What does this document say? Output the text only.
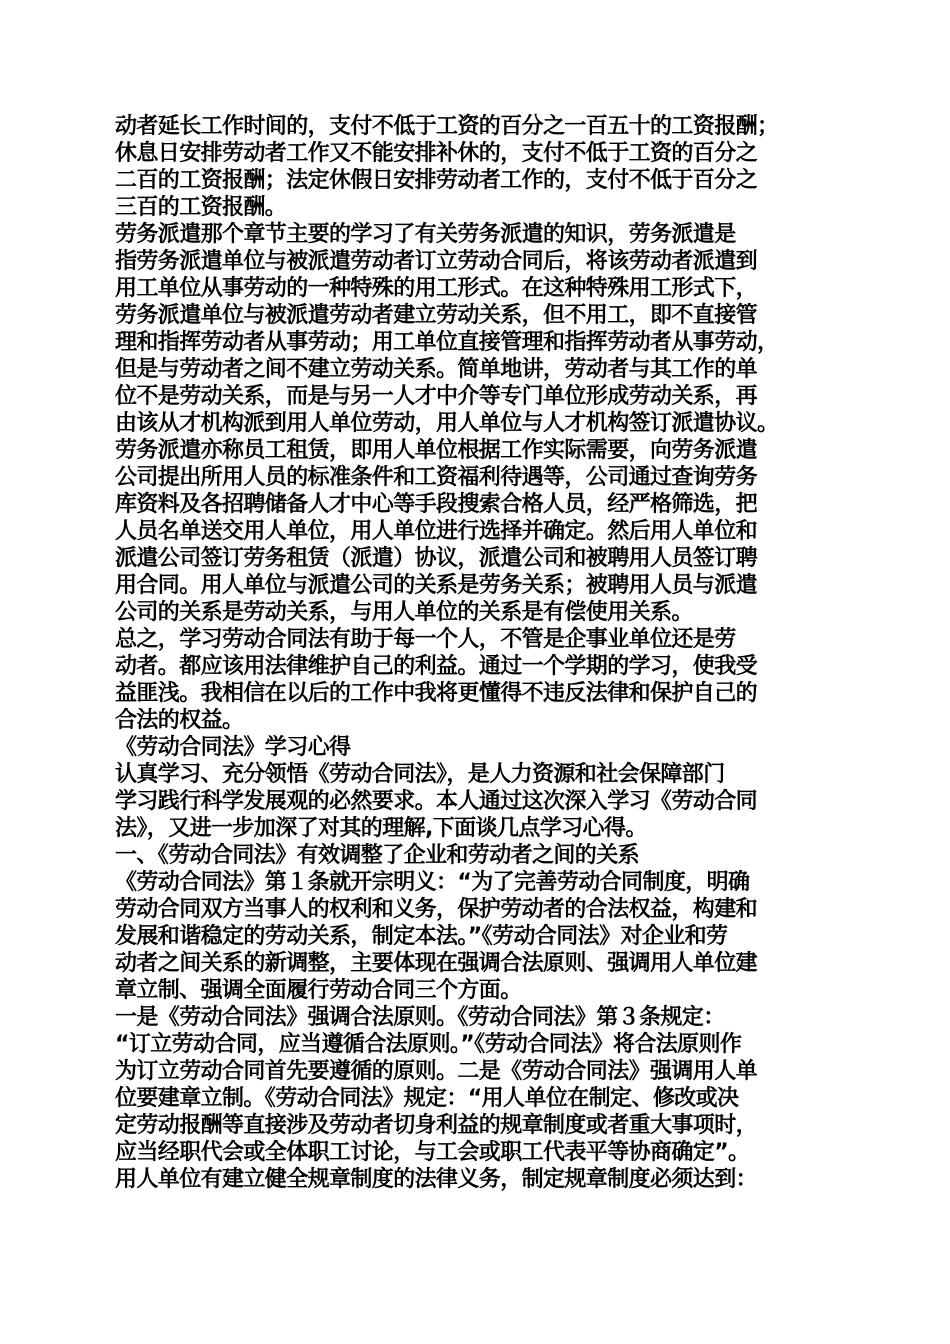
动者延长工作时间的，支付不低于工资的百分之一百五十的工资报酬；
休息日安排劳动者工作又不能安排补休的，支付不低于工资的百分之
二百的工资报酬；法定休假日安排劳动者工作的，支付不低于百分之
三百的工资报酬。
劳务派遣那个章节主要的学习了有关劳务派遣的知识，劳务派遣是
指劳务派遣单位与被派遣劳动者订立劳动合同后，将该劳动者派遣到
用工单位从事劳动的一种特殊的用工形式。在这种特殊用工形式下，
劳务派遣单位与被派遣劳动者建立劳动关系，但不用工，即不直接管
理和指挥劳动者从事劳动；用工单位直接管理和指挥劳动者从事劳动，
但是与劳动者之间不建立劳动关系。简单地讲，劳动者与其工作的单
位不是劳动关系，而是与另一人才中介等专门单位形成劳动关系，再
由该从才机构派到用人单位劳动，用人单位与人才机构签订派遣协议。
劳务派遣亦称员工租赁，即用人单位根据工作实际需要，向劳务派遣
公司提出所用人员的标准条件和工资福利待遇等，公司通过查询劳务
库资料及各招聘储备人才中心等手段搜索合格人员，经严格筛选，把
人员名单送交用人单位，用人单位进行选择并确定。然后用人单位和
派遣公司签订劳务租赁（派遣）协议，派遣公司和被聘用人员签订聘
用合同。用人单位与派遣公司的关系是劳务关系；被聘用人员与派遣
公司的关系是劳动关系，与用人单位的关系是有偿使用关系。
总之，学习劳动合同法有助于每一个人，不管是企事业单位还是劳
动者。都应该用法律维护自己的利益。通过一个学期的学习，使我受
益匪浅。我相信在以后的工作中我将更懂得不违反法律和保护自己的
合法的权益。
《劳动合同法》学习心得
认真学习、充分领悟《劳动合同法》，是人力资源和社会保障部门
学习践行科学发展观的必然要求。本人通过这次深入学习《劳动合同
法》，又进一步加深了对其的理解,下面谈几点学习心得。
一、《劳动合同法》有效调整了企业和劳动者之间的关系
《劳动合同法》第１条就开宗明义：“为了完善劳动合同制度，明确
劳动合同双方当事人的权利和义务，保护劳动者的合法权益，构建和
发展和谐稳定的劳动关系，制定本法。”《劳动合同法》对企业和劳
动者之间关系的新调整，主要体现在强调合法原则、强调用人单位建
章立制、强调全面履行劳动合同三个方面。
一是《劳动合同法》强调合法原则。《劳动合同法》第３条规定：
“订立劳动合同，应当遵循合法原则。”《劳动合同法》将合法原则作
为订立劳动合同首先要遵循的原则。二是《劳动合同法》强调用人单
位要建章立制。《劳动合同法》规定：“用人单位在制定、修改或决
定劳动报酬等直接涉及劳动者切身利益的规章制度或者重大事项时，
应当经职代会或全体职工讨论，与工会或职工代表平等协商确定”。
用人单位有建立健全规章制度的法律义务，制定规章制度必须达到：
